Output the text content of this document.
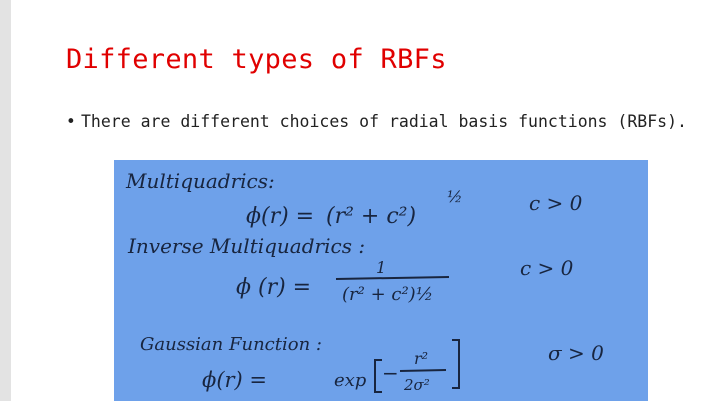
Different types of RBFs
• There are different choices of radial basis functions (RBFs).
Multiquadrics:
ϕ(r) = (r² + c²)
½	c > 0
Inverse Multiquadrics :
ϕ (r) =
1
(r² + c²)½
c > 0
Gaussian Function :
ϕ(r) =	exp −
r²
2σ²
σ > 0
